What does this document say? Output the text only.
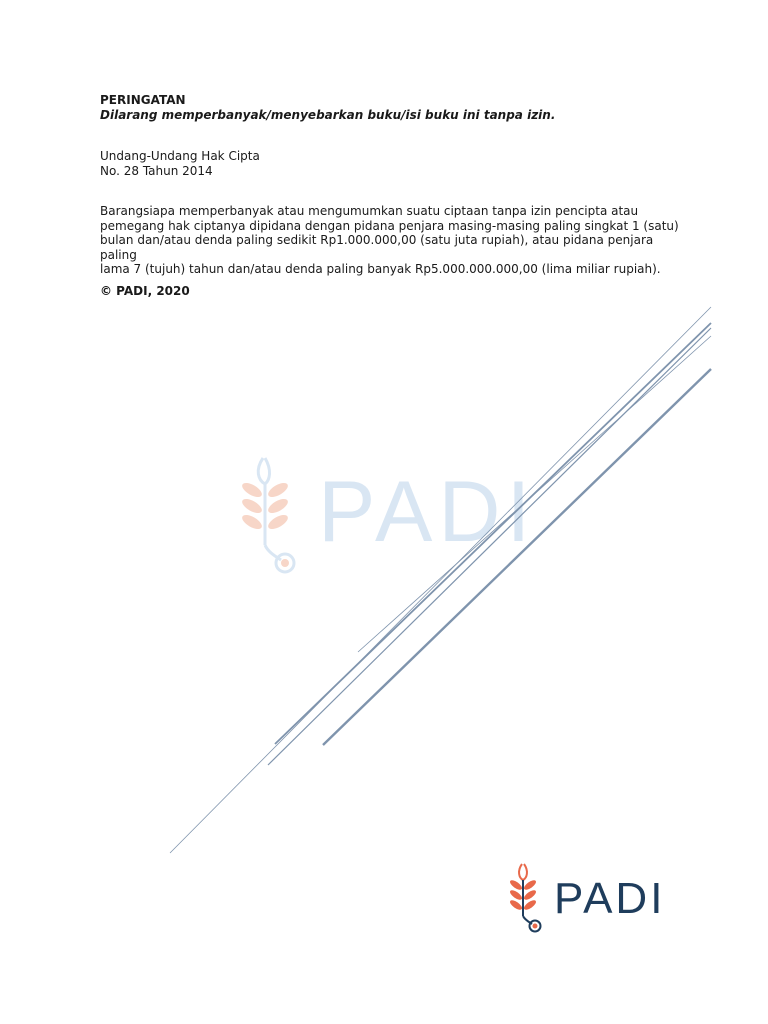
PERINGATAN
Dilarang memperbanyak/menyebarkan buku/isi buku ini tanpa izin.
Undang-Undang Hak Cipta
No. 28 Tahun 2014
Barangsiapa memperbanyak atau mengumumkan suatu ciptaan tanpa izin pencipta atau
pemegang hak ciptanya dipidana dengan pidana penjara masing-masing paling singkat 1 (satu)
bulan dan/atau denda paling sedikit Rp1.000.000,00 (satu juta rupiah), atau pidana penjara paling
lama 7 (tujuh) tahun dan/atau denda paling banyak Rp5.000.000.000,00 (lima miliar rupiah).
© PADI, 2020
PADI
PADI
